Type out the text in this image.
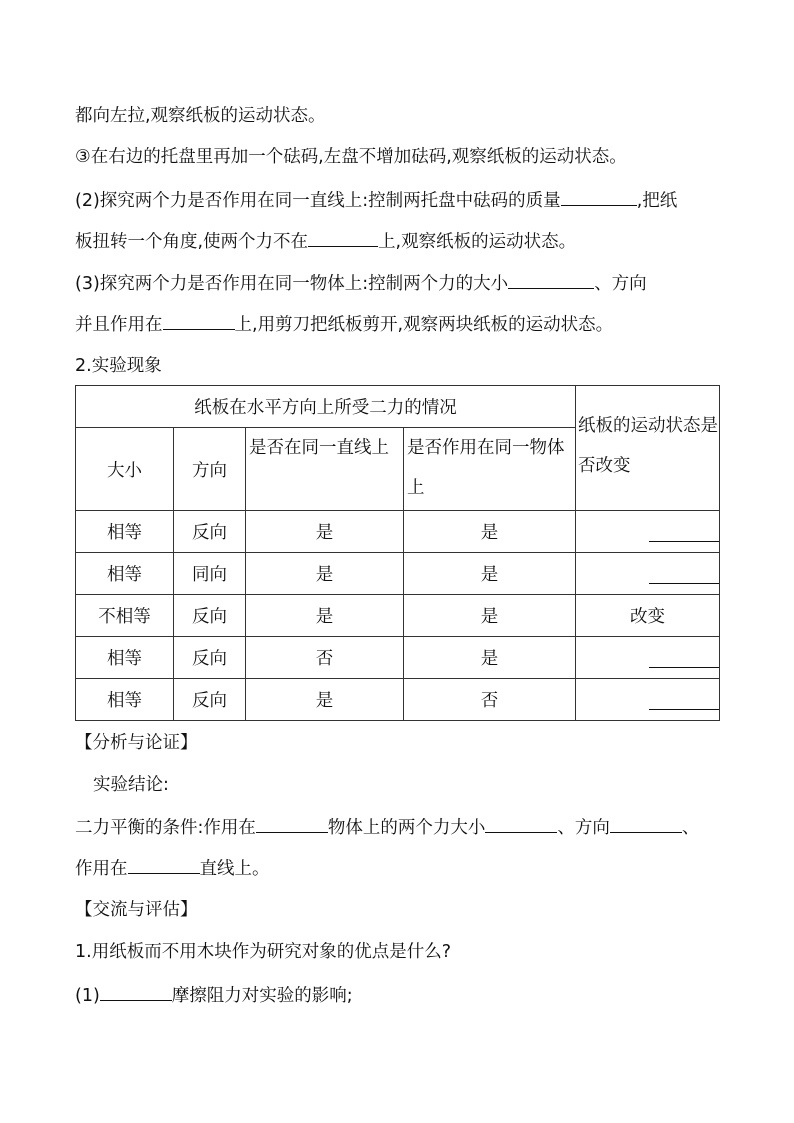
都向左拉,观察纸板的运动状态。
③在右边的托盘里再加一个砝码,左盘不增加砝码,观察纸板的运动状态。
(2)探究两个力是否作用在同一直线上:控制两托盘中砝码的质量	,把纸
板扭转一个角度,使两个力不在	上,观察纸板的运动状态。
(3)探究两个力是否作用在同一物体上:控制两个力的大小	、方向
并且作用在	上,用剪刀把纸板剪开,观察两块纸板的运动状态。
2.实验现象
纸板在水平方向上所受二力的情况				纸板的运动状态是否改变
大小	方向	是否在同一直线上	是否作用在同一物体上	
相等	反向	是	是	

相等	同向	是	是	

不相等	反向	是	是	改变
相等	反向	否	是	

相等	反向	是	否	
【分析与论证】
实验结论:
二力平衡的条件:作用在	物体上的两个力大小	、方向	、
作用在	直线上。
【交流与评估】
1.用纸板而不用木块作为研究对象的优点是什么?
(1)	摩擦阻力对实验的影响;
